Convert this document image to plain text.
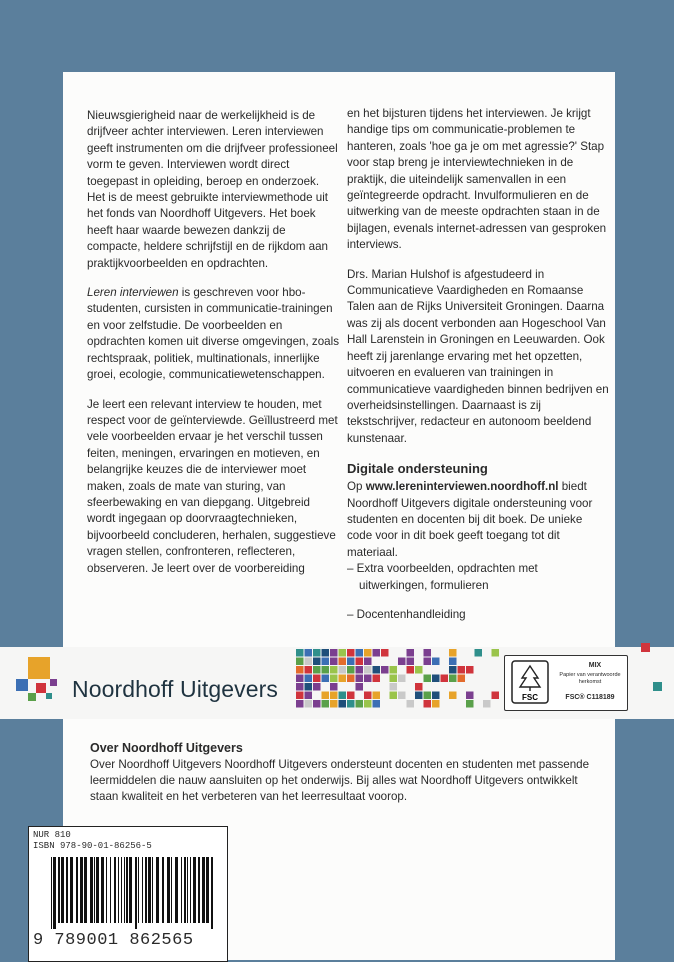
Nieuwsgierigheid naar de werkelijkheid is de drijfveer achter interviewen. Leren interviewen geeft instrumenten om die drijfveer professioneel vorm te geven. Interviewen wordt direct toegepast in opleiding, beroep en onderzoek. Het is de meest gebruikte interviewmethode uit het fonds van Noordhoff Uitgevers. Het boek heeft haar waarde bewezen dankzij de compacte, heldere schrijfstijl en de rijkdom aan praktijkvoorbeelden en opdrachten.

Leren interviewen is geschreven voor hbo-studenten, cursisten in communicatie-trainingen en voor zelfstudie. De voorbeelden en opdrachten komen uit diverse omgevingen, zoals rechtspraak, politiek, multinationals, innerlijke groei, ecologie, communicatiewetenschappen.

Je leert een relevant interview te houden, met respect voor de geïnterviewde. Geïllustreerd met vele voorbeelden ervaar je het verschil tussen feiten, meningen, ervaringen en motieven, en belangrijke keuzes die de interviewer moet maken, zoals de mate van sturing, van sfeerbewaking en van diepgang. Uitgebreid wordt ingegaan op doorvraagtechnieken, bijvoorbeeld concluderen, herhalen, suggestieve vragen stellen, confronteren, reflecteren, observeren. Je leert over de voorbereiding

en het bijsturen tijdens het interviewen. Je krijgt handige tips om communicatie-problemen te hanteren, zoals 'hoe ga je om met agressie?' Stap voor stap breng je interviewtechnieken in de praktijk, die uiteindelijk samenvallen in een geïntegreerde opdracht. Invulformulieren en de uitwerking van de meeste opdrachten staan in de bijlagen, evenals internet-adressen van gesproken interviews.

Drs. Marian Hulshof is afgestudeerd in Communicatieve Vaardigheden en Romaanse Talen aan de Rijks Universiteit Groningen. Daarna was zij als docent verbonden aan Hogeschool Van Hall Larenstein in Groningen en Leeuwarden. Ook heeft zij jarenlange ervaring met het opzetten, uitvoeren en evalueren van trainingen in communicatieve vaardigheden binnen bedrijven en overheidsinstellingen. Daarnaast is zij tekstschrijver, redacteur en autonoom beeldend kunstenaar.

Digitale ondersteuning

Op www.lereninterviewen.noordhoff.nl biedt Noordhoff Uitgevers digitale ondersteuning voor studenten en docenten bij dit boek. De unieke code voor in dit boek geeft toegang tot dit materiaal.

– Extra voorbeelden, opdrachten met uitwerkingen, formulieren

– Docentenhandleiding

Noordhoff Uitgevers	FSC
MIX
Papier van verantwoorde herkomst
FSC® C118189
Over Noordhoff Uitgevers
Over Noordhoff Uitgevers Noordhoff Uitgevers ondersteunt docenten en studenten met passende leermiddelen die nauw aansluiten op het onderwijs. Bij alles wat Noordhoff Uitgevers ontwikkelt staan kwaliteit en het verbeteren van het leerresultaat voorop.
NUR 810
ISBN 978-90-01-86256-5
9 789001 862565
